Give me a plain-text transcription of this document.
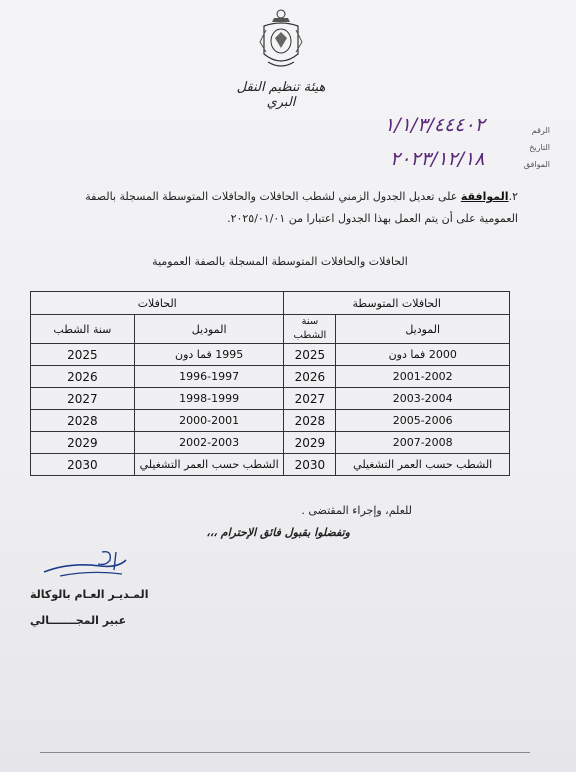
هيئة تنظيم النقل البري
الرقم
التاريخ
الموافق
١/١/٣/٤٤٤٠٢
٢٠٢٣/١٢/١٨
٢.الموافقة على تعديل الجدول الزمني لشطب الحافلات والحافلات المتوسطة المسجلة بالصفة
العمومية على أن يتم العمل بهذا الجدول اعتبارا من ٢٠٢٥/٠١/٠١.
الحافلات والحافلات المتوسطة المسجلة بالصفة العمومية
الحافلات المتوسطة		الحافلات	
الموديل	سنة الشطب	الموديل	سنة الشطب
2000 فما دون	2025	1995 فما دون	2025
2001-2002	2026	1996-1997	2026
2003-2004	2027	1998-1999	2027
2005-2006	2028	2000-2001	2028
2007-2008	2029	2002-2003	2029
الشطب حسب العمر التشغيلي	2030	الشطب حسب العمر التشغيلي	2030
للعلم، وإجراء المقتضى .
وتفضلوا بقبول فائق الإحترام ،،،
المـديـر العـام بالوكالة
عبير المجـــــــالي
